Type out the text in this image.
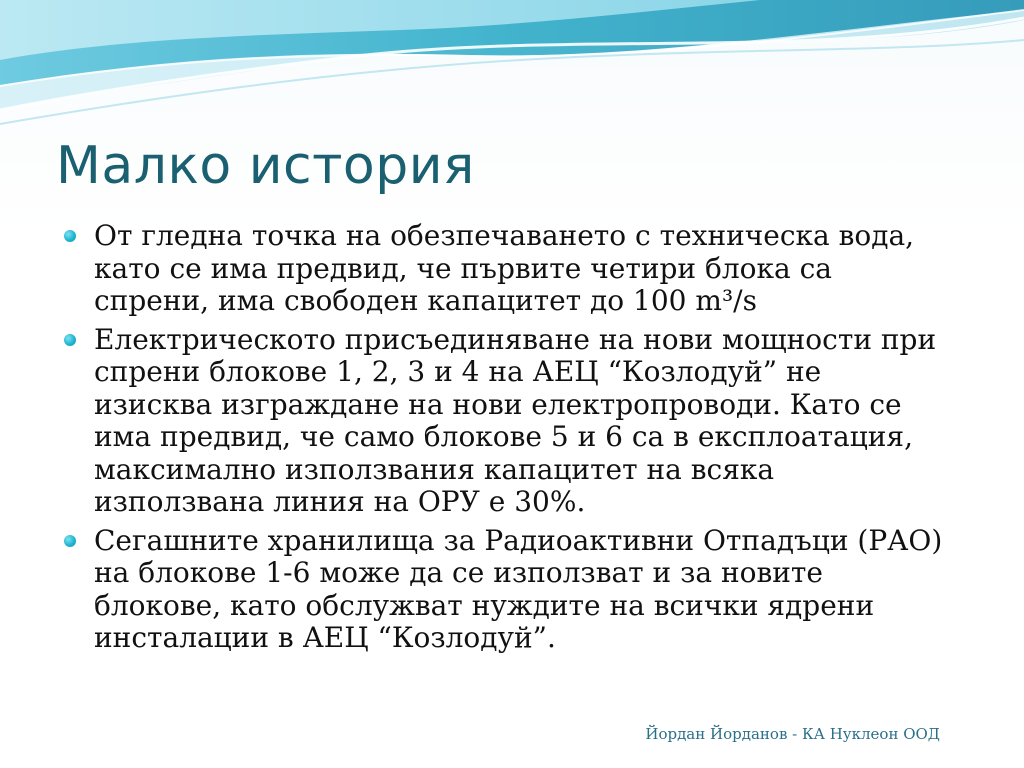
Малко история
От гледна точка на обезпечаването с техническа вода, като се има предвид, че първите четири блока са спрени, има свободен капацитет до 100 m³/s
Електрическото присъединяване на нови мощности при спрени блокове 1, 2, 3 и 4 на АЕЦ “Козлодуй” не изисква изграждане на нови електропроводи. Като се има предвид, че само блокове 5 и 6 са в експлоатация, максимално използвания капацитет на всяка използвана линия на ОРУ е 30%.
Сегашните хранилища за Радиоактивни Отпадъци (РАО) на блокове 1-6 може да се използват и за новите блокове, като обслужват нуждите на всички ядрени инсталации в АЕЦ “Козлодуй”.
Йордан Йорданов - КА Нуклеон ООД
